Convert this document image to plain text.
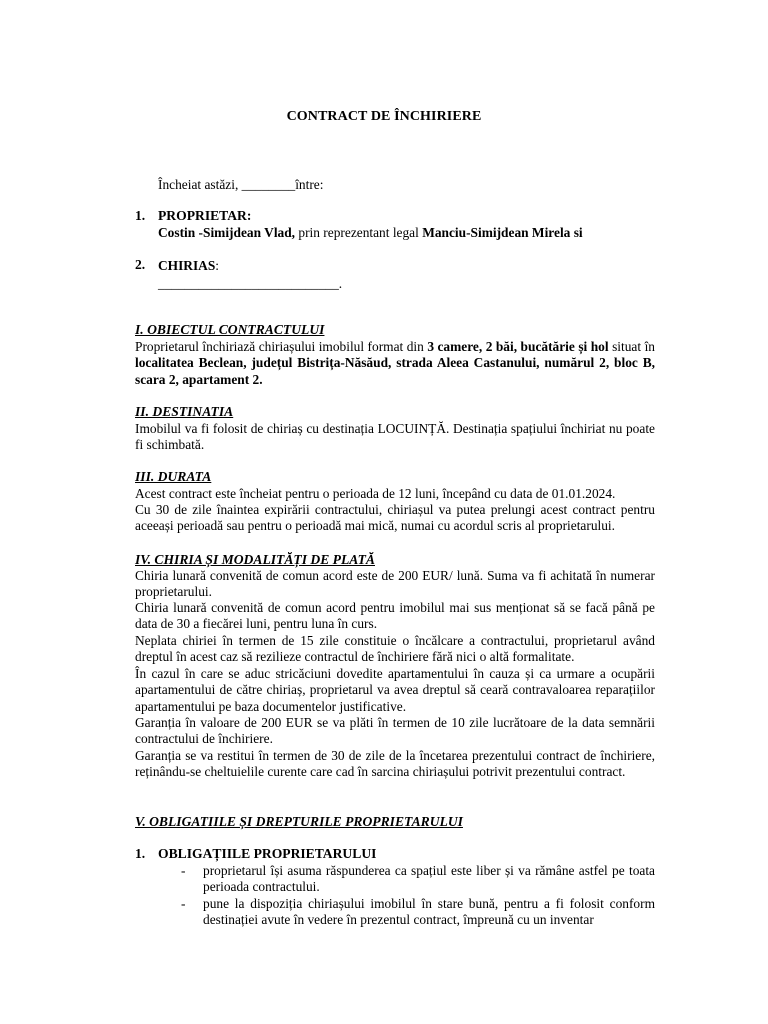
CONTRACT DE ÎNCHIRIERE
Încheiat astăzi, ________între:
1. PROPRIETAR:
Costin -Simijdean Vlad, prin reprezentant legal Manciu-Simijdean Mirela si
2. CHIRIAS:
___________________________.
I. OBIECTUL CONTRACTULUI
Proprietarul închiriază chiriașului imobilul format din 3 camere, 2 băi, bucătărie și hol situat în localitatea Beclean, județul Bistrița-Năsăud, strada Aleea Castanului, numărul 2, bloc B, scara 2, apartament 2.
II. DESTINATIA
Imobilul va fi folosit de chiriaș cu destinația LOCUINȚĂ. Destinația spațiului închiriat nu poate fi schimbată.
III. DURATA
Acest contract este încheiat pentru o perioada de 12 luni, începând cu data de 01.01.2024.
Cu 30 de zile înaintea expirării contractului, chiriașul va putea prelungi acest contract pentru aceeași perioadă sau pentru o perioadă mai mică, numai cu acordul scris al proprietarului.
IV. CHIRIA ȘI MODALITĂȚI DE PLATĂ
Chiria lunară convenită de comun acord este de 200 EUR/ lună. Suma va fi achitată în numerar proprietarului.
Chiria lunară convenită de comun acord pentru imobilul mai sus menționat să se facă până pe data de 30 a fiecărei luni, pentru luna în curs.
Neplata chiriei în termen de 15 zile constituie o încălcare a contractului, proprietarul având dreptul în acest caz să rezilieze contractul de închiriere fără nici o altă formalitate.
În cazul în care se aduc stricăciuni dovedite apartamentului în cauza și ca urmare a ocupării apartamentului de către chiriaș, proprietarul va avea dreptul să ceară contravaloarea reparațiilor apartamentului pe baza documentelor justificative.
Garanția în valoare de 200 EUR se va plăti în termen de 10 zile lucrătoare de la data semnării contractului de închiriere.
Garanția se va restitui în termen de 30 de zile de la încetarea prezentului contract de închiriere, reținându-se cheltuielile curente care cad în sarcina chiriașului potrivit prezentului contract.
V. OBLIGATIILE ȘI DREPTURILE PROPRIETARULUI
1. OBLIGAȚIILE PROPRIETARULUI
- proprietarul își asuma răspunderea ca spațiul este liber și va rămâne astfel pe toata perioada contractului.
- pune la dispoziția chiriașului imobilul în stare bună, pentru a fi folosit conform destinației avute în vedere în prezentul contract, împreună cu un inventar
